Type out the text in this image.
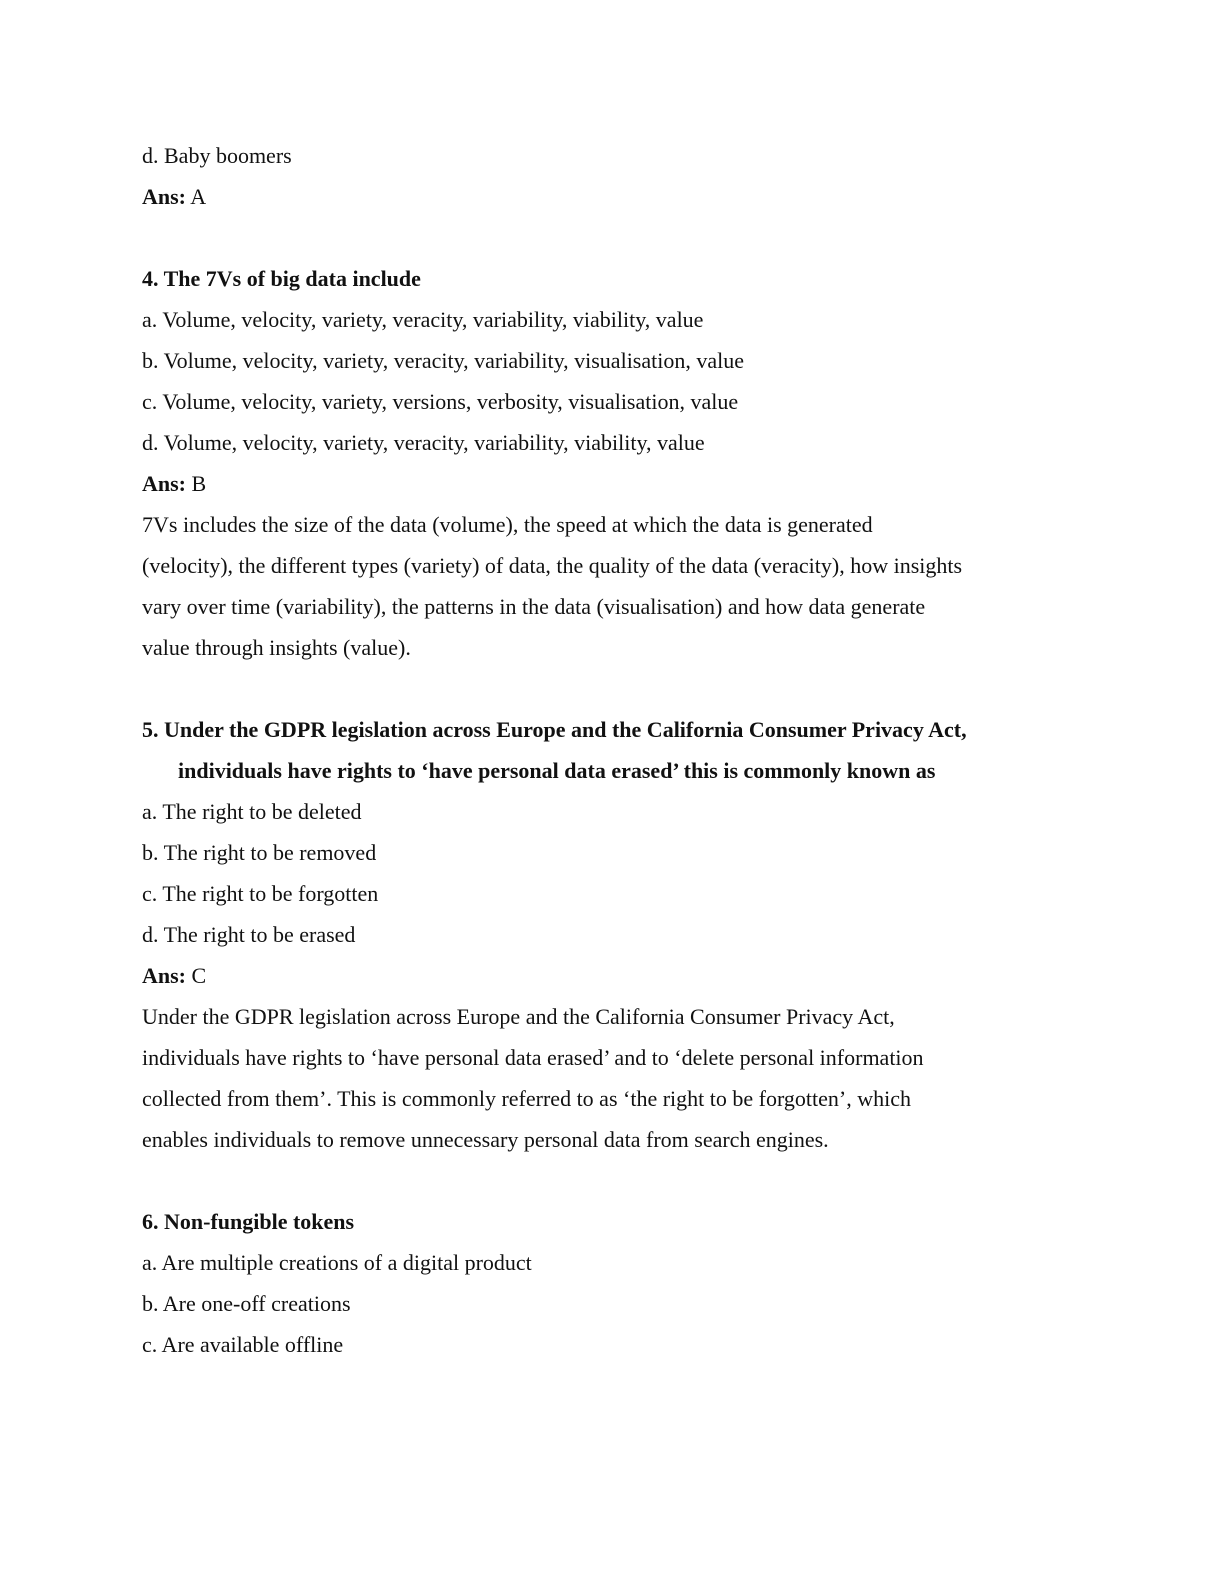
d. Baby boomers

Ans: A

4. The 7Vs of big data include

a. Volume, velocity, variety, veracity, variability, viability, value

b. Volume, velocity, variety, veracity, variability, visualisation, value

c. Volume, velocity, variety, versions, verbosity, visualisation, value

d. Volume, velocity, variety, veracity, variability, viability, value

Ans: B

7Vs includes the size of the data (volume), the speed at which the data is generated

(velocity), the different types (variety) of data, the quality of the data (veracity), how insights

vary over time (variability), the patterns in the data (visualisation) and how data generate

value through insights (value).

5. Under the GDPR legislation across Europe and the California Consumer Privacy Act, individuals have rights to ‘have personal data erased’ this is commonly known as

a. The right to be deleted

b. The right to be removed

c. The right to be forgotten

d. The right to be erased

Ans: C

Under the GDPR legislation across Europe and the California Consumer Privacy Act,

individuals have rights to ‘have personal data erased’ and to ‘delete personal information

collected from them’. This is commonly referred to as ‘the right to be forgotten’, which

enables individuals to remove unnecessary personal data from search engines.

6. Non-fungible tokens

a. Are multiple creations of a digital product

b. Are one-off creations

c. Are available offline
